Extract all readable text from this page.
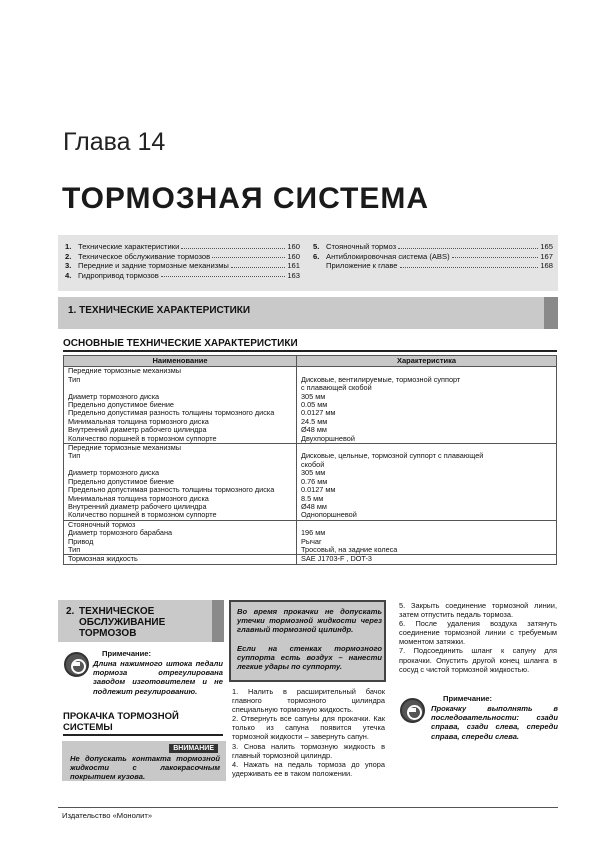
Глава 14
ТОРМОЗНАЯ СИСТЕМА
1. Технические характеристики	160
2. Техническое обслуживание тормозов	160
3. Передние и задние тормозные механизмы	161
4. Гидропривод тормозов	163
5. Стояночный тормоз	165
6. Антиблокировочная система (ABS)	167
Приложение к главе	168
1. ТЕХНИЧЕСКИЕ ХАРАКТЕРИСТИКИ
ОСНОВНЫЕ ТЕХНИЧЕСКИЕ ХАРАКТЕРИСТИКИ
Наименование	Характеристика
Передние тормозные механизмы	
Тип	Дисковые, вентилируемые, тормозной суппорт
	с плавающей скобой
Диаметр тормозного диска	305 мм
Предельно допустимое биение	0.05 мм
Предельно допустимая разность толщины тормозного диска	0.0127 мм
Минимальная толщина тормозного диска	24.5 мм
Внутренний диаметр рабочего цилиндра	Ø48 мм
Количество поршней в тормозном суппорте	Двухпоршневой
Передние тормозные механизмы	
Тип	Дисковые, цельные, тормозной суппорт с плавающей
	скобой
Диаметр тормозного диска	305 мм
Предельно допустимое биение	0.76 мм
Предельно допустимая разность толщины тормозного диска	0.0127 мм
Минимальная толщина тормозного диска	8.5 мм
Внутренний диаметр рабочего цилиндра	Ø48 мм
Количество поршней в тормозном суппорте	Однопоршневой
Стояночный тормоз	
Диаметр тормозного барабана	196 мм
Привод	Рычаг
Тип	Тросовый, на задние колеса
Тормозная жидкость	SAE J1703-F , DOT-3
2. ТЕХНИЧЕСКОЕ ОБСЛУЖИВАНИЕ ТОРМОЗОВ
Примечание:
Длина нажимного штока педали тормоза отрегулирована заводом изготовителем и не подлежит регулированию.
ПРОКАЧКА ТОРМОЗНОЙ СИСТЕМЫ
ВНИМАНИЕ
Не допускать контакта тормозной жидкости с лакокрасочным покрытием кузова.
Во время прокачки не допускать утечки тормозной жидкости через главный тормозной цилиндр.
Если на стенках тормозного суппорта есть воздух – нанести легкие удары по суппорту.

1. Налить в расширительный бачок главного тормозного цилиндра специальную тормозную жидкость.

2. Отвернуть все сапуны для прокачки. Как только из сапуна появится утечка тормозной жидкости – завернуть сапун.

3. Снова налить тормозную жидкость в главный тормозной цилиндр.

4. Нажать на педаль тормоза до упора удерживать ее в таком положении.

5. Закрыть соединение тормозной линии, затем отпустить педаль тормоза.

6. После удаления воздуха затянуть соединение тормозной линии с требуемым моментом затяжки.

7. Подсоединить шланг к сапуну для прокачки. Опустить другой конец шланга в сосуд с чистой тормозной жидкостью.

Примечание:
Прокачку выполнять в последовательности: сзади справа, сзади слева, спереди справа, спереди слева.
Издательство «Монолит»
